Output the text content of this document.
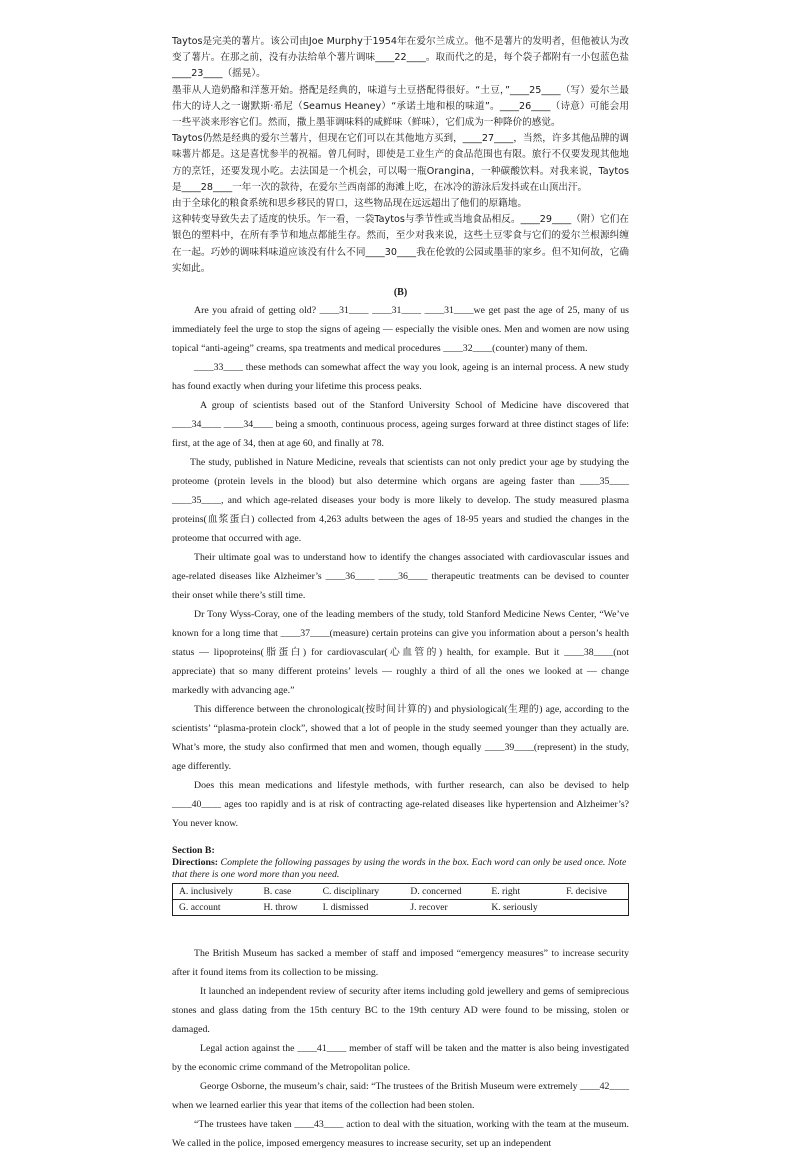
Taytos是完美的薯片。该公司由Joe Murphy于1954年在爱尔兰成立。他不是薯片的发明者，但他被认为改变了薯片。在那之前，没有办法给单个薯片调味____22____。取而代之的是，每个袋子都附有一小包蓝色盐____23____（摇晃）。

墨菲从人造奶酪和洋葱开始。搭配是经典的，味道与土豆搭配得很好。“土豆，”____25____（写）爱尔兰最伟大的诗人之一谢默斯·希尼（Seamus Heaney）“承诺土地和根的味道”。____26____（诗意）可能会用一些平淡来形容它们。然而，撒上墨菲调味料的咸鲜味（鲜味），它们成为一种降价的感觉。

Taytos仍然是经典的爱尔兰薯片，但现在它们可以在其他地方买到，____27____，当然，许多其他品牌的调味薯片都是。这是喜忧参半的祝福。曾几何时，即使是工业生产的食品范围也有限。旅行不仅要发现其他地方的烹饪，还要发现小吃。去法国是一个机会，可以喝一瓶Orangina，一种碳酸饮料。对我来说，Taytos是____28____一年一次的款待，在爱尔兰西南部的海滩上吃，在冰冷的游泳后发抖或在山顶出汗。

由于全球化的粮食系统和思乡移民的胃口，这些物品现在远远超出了他们的原籍地。

这种转变导致失去了适度的快乐。乍一看，一袋Taytos与季节性或当地食品相反。____29____（附）它们在银色的塑料中，在所有季节和地点都能生存。然而，至少对我来说，这些土豆零食与它们的爱尔兰根源纠缠在一起。巧妙的调味料味道应该没有什么不同____30____我在伦敦的公园或墨菲的家乡。但不知何故，它确实如此。

(B)

Are you afraid of getting old? ____31____ ____31____ ____31____we get past the age of 25, many of us immediately feel the urge to stop the signs of ageing — especially the visible ones. Men and women are now using topical “anti-ageing” creams, spa treatments and medical procedures ____32____(counter) many of them.

____33____ these methods can somewhat affect the way you look, ageing is an internal process. A new study has found exactly when during your lifetime this process peaks.

A group of scientists based out of the Stanford University School of Medicine have discovered that ____34____ ____34____ being a smooth, continuous process, ageing surges forward at three distinct stages of life: first, at the age of 34, then at age 60, and finally at 78.

The study, published in Nature Medicine, reveals that scientists can not only predict your age by studying the proteome (protein levels in the blood) but also determine which organs are ageing faster than ____35____ ____35____, and which age-related diseases your body is more likely to develop. The study measured plasma proteins(血浆蛋白) collected from 4,263 adults between the ages of 18-95 years and studied the changes in the proteome that occurred with age.

Their ultimate goal was to understand how to identify the changes associated with cardiovascular issues and age-related diseases like Alzheimer’s ____36____ ____36____ therapeutic treatments can be devised to counter their onset while there’s still time.

Dr Tony Wyss-Coray, one of the leading members of the study, told Stanford Medicine News Center, “We’ve known for a long time that ____37____(measure) certain proteins can give you information about a person’s health status — lipoproteins(脂蛋白) for cardiovascular(心血管的) health, for example. But it ____38____(not appreciate) that so many different proteins’ levels — roughly a third of all the ones we looked at — change markedly with advancing age.”

This difference between the chronological(按时间计算的) and physiological(生理的) age, according to the scientists’ “plasma-protein clock”, showed that a lot of people in the study seemed younger than they actually are. What’s more, the study also confirmed that men and women, though equally ____39____(represent) in the study, age differently.

Does this mean medications and lifestyle methods, with further research, can also be devised to help ____40____ ages too rapidly and is at risk of contracting age-related diseases like hypertension and Alzheimer’s? You never know.

Section B:

Directions: Complete the following passages by using the words in the box. Each word can only be used once. Note that there is one word more than you need.

A. inclusively	B. case	C. disciplinary	D. concerned	E. right	F. decisive
G. account	H. throw	I. dismissed	J. recover	K. seriously	

The British Museum has sacked a member of staff and imposed “emergency measures” to increase security after it found items from its collection to be missing.

It launched an independent review of security after items including gold jewellery and gems of semiprecious stones and glass dating from the 15th century BC to the 19th century AD were found to be missing, stolen or damaged.

Legal action against the ____41____ member of staff will be taken and the matter is also being investigated by the economic crime command of the Metropolitan police.

George Osborne, the museum’s chair, said: “The trustees of the British Museum were extremely ____42____ when we learned earlier this year that items of the collection had been stolen.

“The trustees have taken ____43____ action to deal with the situation, working with the team at the museum. We called in the police, imposed emergency measures to increase security, set up an independent
